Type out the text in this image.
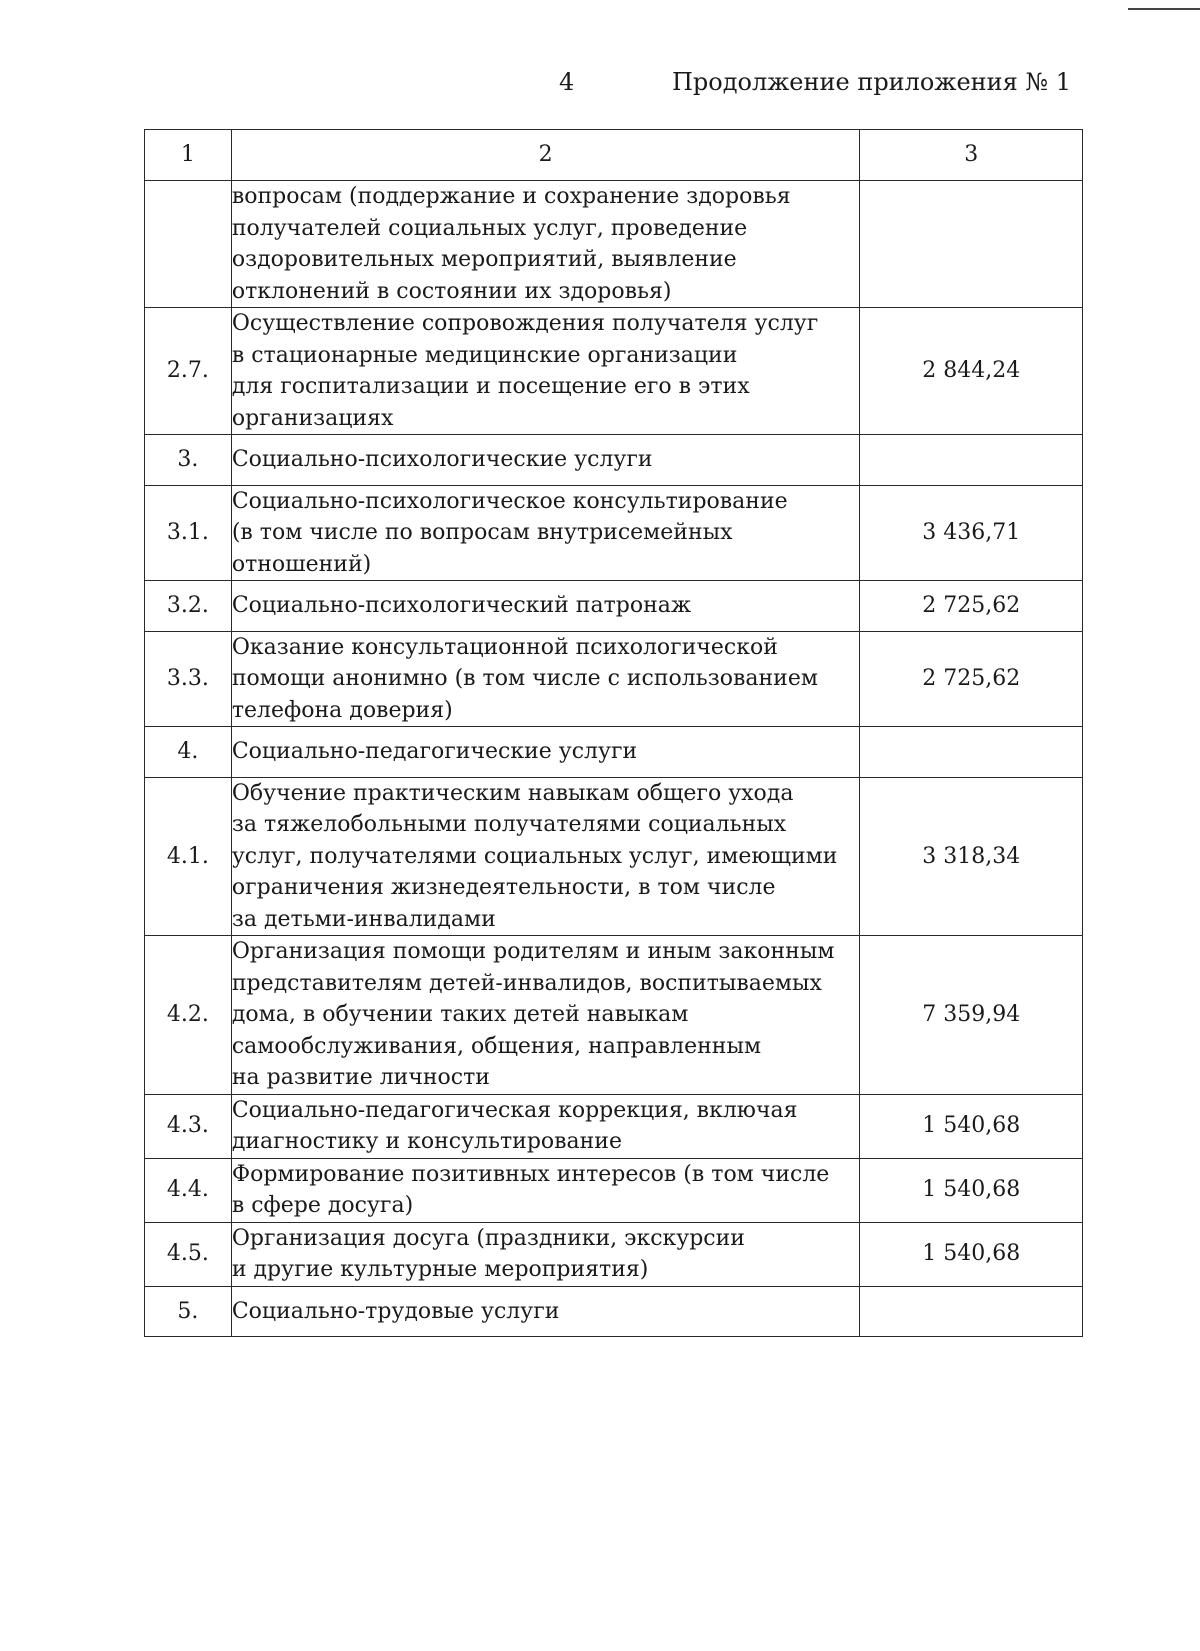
4	Продолжение приложения № 1
1	2	3
	вопросам (поддержание и сохранение здоровья
получателей социальных услуг, проведение
оздоровительных мероприятий, выявление
отклонений в состоянии их здоровья)	
2.7.	Осуществление сопровождения получателя услуг
в стационарные медицинские организации
для госпитализации и посещение его в этих
организациях	2 844,24
3.	Социально-психологические услуги	
3.1.	Социально-психологическое консультирование
(в том числе по вопросам внутрисемейных
отношений)	3 436,71
3.2.	Социально-психологический патронаж	2 725,62
3.3.	Оказание консультационной психологической
помощи анонимно (в том числе с использованием
телефона доверия)	2 725,62
4.	Социально-педагогические услуги	
4.1.	Обучение практическим навыкам общего ухода
за тяжелобольными получателями социальных
услуг, получателями социальных услуг, имеющими
ограничения жизнедеятельности, в том числе
за детьми-инвалидами	3 318,34
4.2.	Организация помощи родителям и иным законным
представителям детей-инвалидов, воспитываемых
дома, в обучении таких детей навыкам
самообслуживания, общения, направленным
на развитие личности	7 359,94
4.3.	Социально-педагогическая коррекция, включая
диагностику и консультирование	1 540,68
4.4.	Формирование позитивных интересов (в том числе
в сфере досуга)	1 540,68
4.5.	Организация досуга (праздники, экскурсии
и другие культурные мероприятия)	1 540,68
5.	Социально-трудовые услуги	
